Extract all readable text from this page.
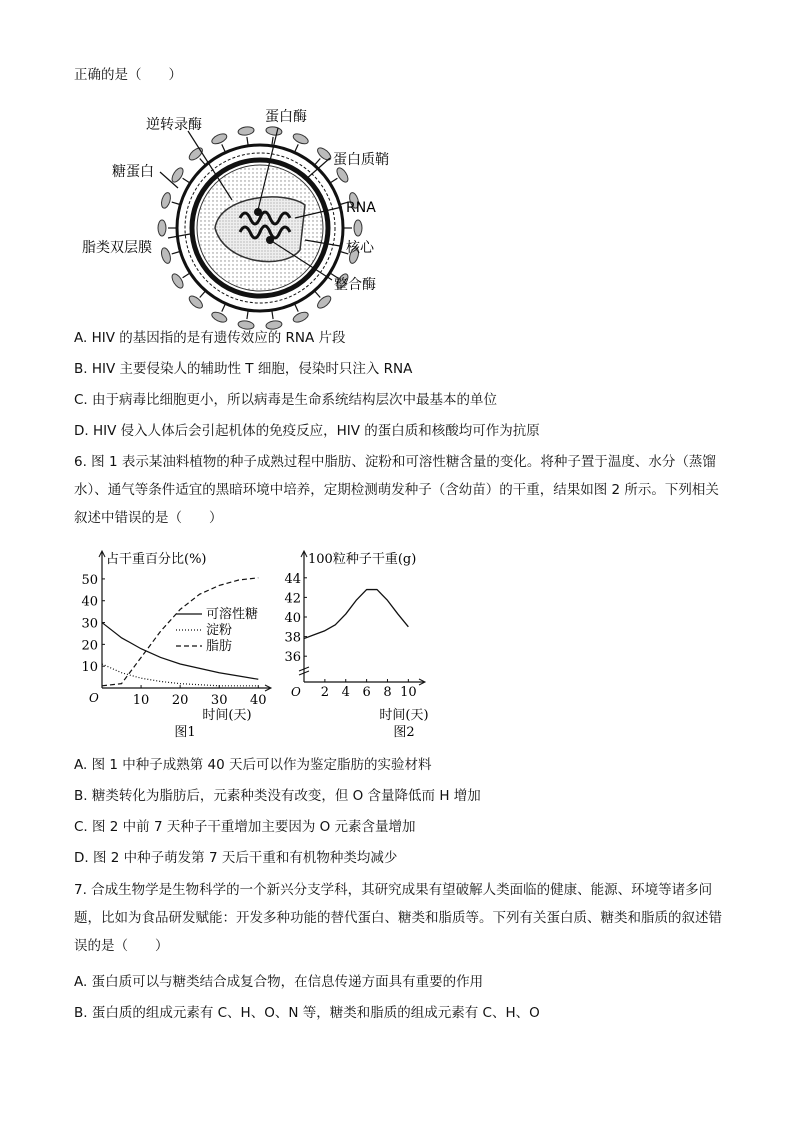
正确的是（　　）
逆转录酶	蛋白酶
糖蛋白
蛋白质鞘
RNA
脂类双层膜	核心
整合酶
A. HIV 的基因指的是有遗传效应的 RNA 片段
B. HIV 主要侵染人的辅助性 T 细胞，侵染时只注入 RNA
C. 由于病毒比细胞更小，所以病毒是生命系统结构层次中最基本的单位
D. HIV 侵入人体后会引起机体的免疫反应，HIV 的蛋白质和核酸均可作为抗原
6. 图 1 表示某油料植物的种子成熟过程中脂肪、淀粉和可溶性糖含量的变化。将种子置于温度、水分（蒸馏水）、通气等条件适宜的黑暗环境中培养，定期检测萌发种子（含幼苗）的干重，结果如图 2 所示。下列相关叙述中错误的是（　　）
占干重百分比(%)
O
10
20
30
40
50
10 20 30 40
时间(天)
图1
可溶性糖
淀粉
脂肪
100粒种子干重(g)
O
36
38
40
42
44
2 4 6 8 10
时间(天)
图2
A. 图 1 中种子成熟第 40 天后可以作为鉴定脂肪的实验材料
B. 糖类转化为脂肪后，元素种类没有改变，但 O 含量降低而 H 增加
C. 图 2 中前 7 天种子干重增加主要因为 O 元素含量增加
D. 图 2 中种子萌发第 7 天后干重和有机物种类均减少
7. 合成生物学是生物科学的一个新兴分支学科，其研究成果有望破解人类面临的健康、能源、环境等诸多问题，比如为食品研发赋能：开发多种功能的替代蛋白、糖类和脂质等。下列有关蛋白质、糖类和脂质的叙述错误的是（　　）
A. 蛋白质可以与糖类结合成复合物，在信息传递方面具有重要的作用
B. 蛋白质的组成元素有 C、H、O、N 等，糖类和脂质的组成元素有 C、H、O
